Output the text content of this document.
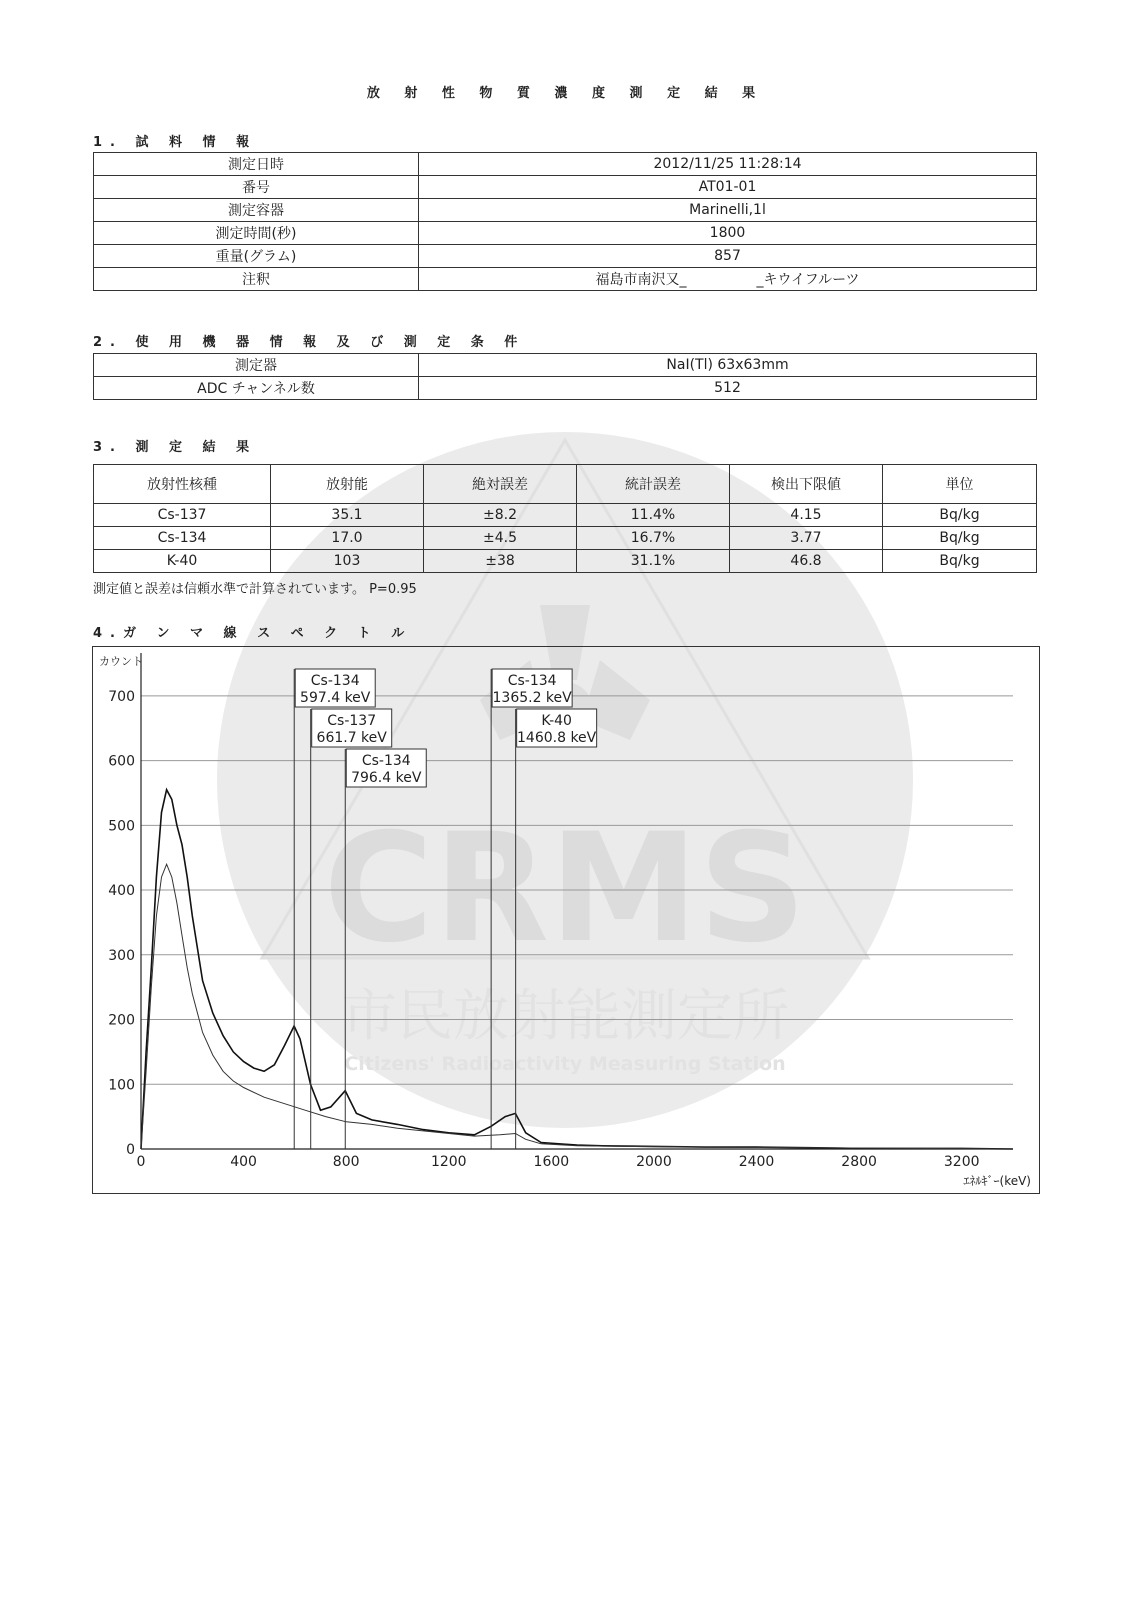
CRMS
市民放射能測定所
Citizens' Radioactivity Measuring Station
放 射 性 物 質 濃 度 測 定 結 果
1. 試 料 情 報
測定日時	2012/11/25 11:28:14
番号	AT01-01
測定容器	Marinelli,1l
測定時間(秒)	1800
重量(グラム)	857
注釈	福島市南沢又_　　　　　_キウイフルーツ
2. 使 用 機 器 情 報 及 び 測 定 条 件
測定器	NaI(Tl) 63x63mm
ADC チャンネル数	512
3. 測 定 結 果
放射性核種	放射能	絶対誤差	統計誤差	検出下限値	単位
Cs-137	35.1	±8.2	11.4%	4.15	Bq/kg
Cs-134	17.0	±4.5	16.7%	3.77	Bq/kg
K-40	103	±38	31.1%	46.8	Bq/kg
測定値と誤差は信頼水準で計算されています。 P=0.95
4.ガ ン マ 線 ス ペ ク ト ル
0
100
200
300
400
500
600
700
0	400	800	1200	1600	2000	2400	2800	3200
カウント
ｴﾈﾙｷﾞｰ(keV)
Cs-134
597.4 keV
Cs-137
661.7 keV
Cs-134
796.4 keV
Cs-134
1365.2 keV
K-40
1460.8 keV
